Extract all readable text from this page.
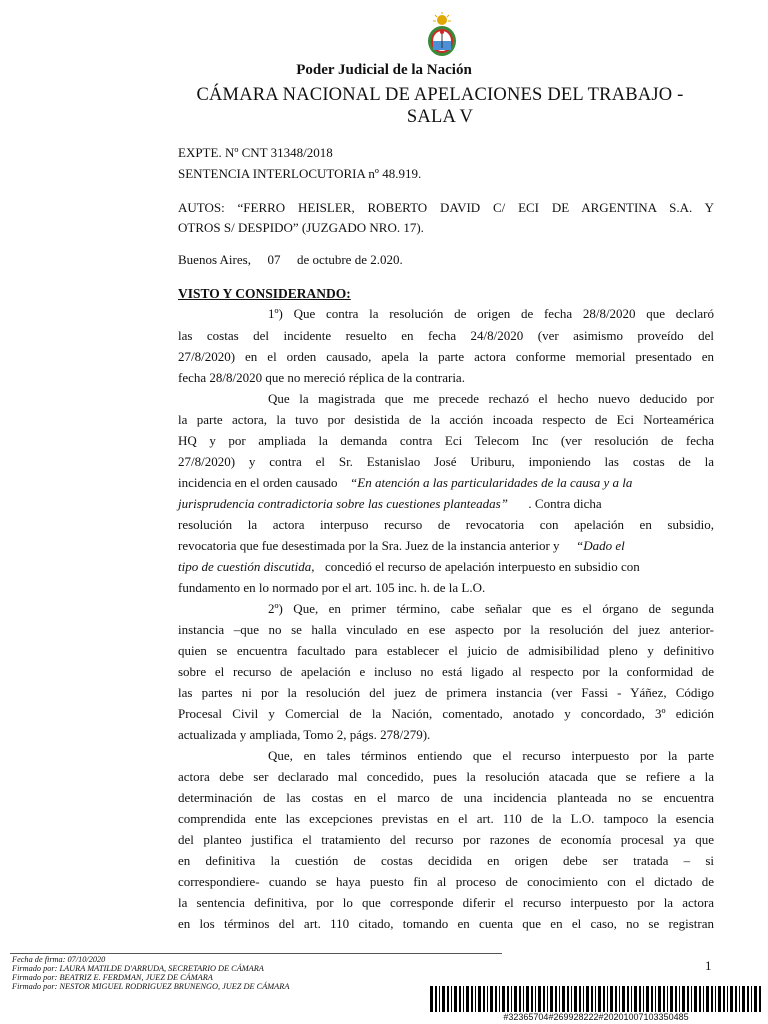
Poder Judicial de la Nación
CÁMARA NACIONAL DE APELACIONES DEL TRABAJO -
SALA V
EXPTE. Nº CNT 31348/2018
SENTENCIA INTERLOCUTORIA nº 48.919.
AUTOS: “FERRO HEISLER, ROBERTO DAVID C/ ECI DE ARGENTINA S.A. Y
OTROS S/ DESPIDO” (JUZGADO NRO. 17).
Buenos Aires, 07 de octubre de 2.020.
VISTO Y CONSIDERANDO:
1º) Que contra la resolución de origen de fecha 28/8/2020 que declaró
las costas del incidente resuelto en fecha 24/8/2020 (ver asimismo proveído del
27/8/2020) en el orden causado, apela la parte actora conforme memorial presentado en
fecha 28/8/2020 que no mereció réplica de la contraria.
Que la magistrada que me precede rechazó el hecho nuevo deducido por
la parte actora, la tuvo por desistida de la acción incoada respecto de Eci Norteamérica
HQ y por ampliada la demanda contra Eci Telecom Inc (ver resolución de fecha
27/8/2020) y contra el Sr. Estanislao José Uriburu, imponiendo las costas de la
incidencia en el orden causado “En atención a las particularidades de la causa y a la
jurisprudencia contradictoria sobre las cuestiones planteadas” . Contra dicha
resolución la actora interpuso recurso de revocatoria con apelación en subsidio,
revocatoria que fue desestimada por la Sra. Juez de la instancia anterior y “Dado el
tipo de cuestión discutida, concedió el recurso de apelación interpuesto en subsidio con
fundamento en lo normado por el art. 105 inc. h. de la L.O.
2º) Que, en primer término, cabe señalar que es el órgano de segunda
instancia –que no se halla vinculado en ese aspecto por la resolución del juez anterior-
quien se encuentra facultado para establecer el juicio de admisibilidad pleno y definitivo
sobre el recurso de apelación e incluso no está ligado al respecto por la conformidad de
las partes ni por la resolución del juez de primera instancia (ver Fassi - Yáñez, Código
Procesal Civil y Comercial de la Nación, comentado, anotado y concordado, 3º edición
actualizada y ampliada, Tomo 2, págs. 278/279).
Que, en tales términos entiendo que el recurso interpuesto por la parte
actora debe ser declarado mal concedido, pues la resolución atacada que se refiere a la
determinación de las costas en el marco de una incidencia planteada no se encuentra
comprendida ente las excepciones previstas en el art. 110 de la L.O. tampoco la esencia
del planteo justifica el tratamiento del recurso por razones de economía procesal ya que
en definitiva la cuestión de costas decidida en origen debe ser tratada – si
correspondiere- cuando se haya puesto fin al proceso de conocimiento con el dictado de
la sentencia definitiva, por lo que corresponde diferir el recurso interpuesto por la actora
en los términos del art. 110 citado, tomando en cuenta que en el caso, no se registran
Fecha de firma: 07/10/2020
Firmado por: LAURA MATILDE D'ARRUDA, SECRETARIO DE CÁMARA
Firmado por: BEATRIZ E. FERDMAN, JUEZ DE CÁMARA
Firmado por: NESTOR MIGUEL RODRIGUEZ BRUNENGO, JUEZ DE CÁMARA
1
#32365704#269928222#20201007103350485
